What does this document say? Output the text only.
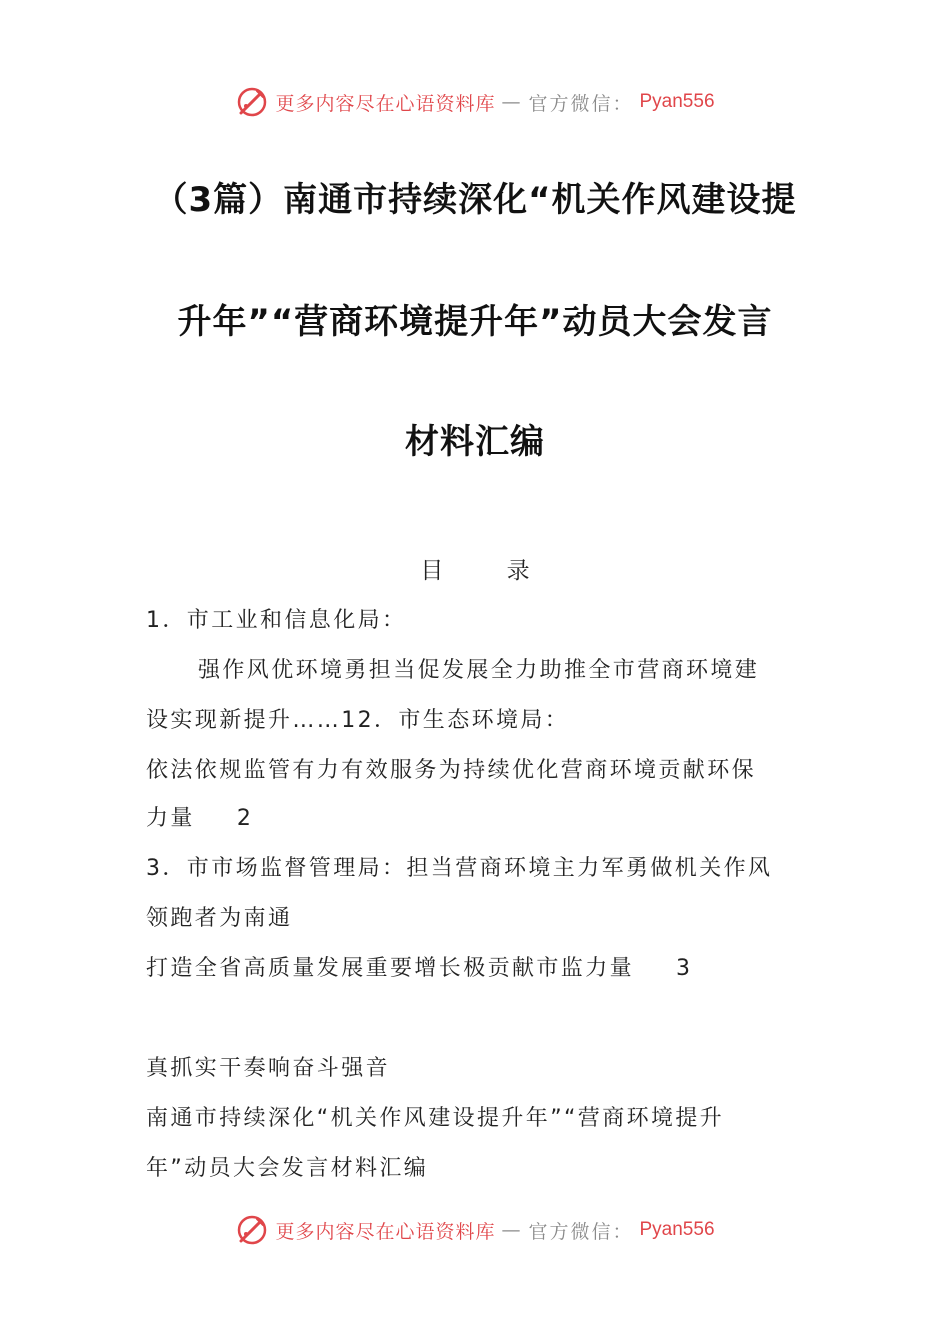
更多内容尽在心语资料库 — 官方微信： Pyan556
（3篇）南通市持续深化“机关作风建设提
升年”“营商环境提升年”动员大会发言
材料汇编
目 录
1．市工业和信息化局：
强作风优环境勇担当促发展全力助推全市营商环境建
设实现新提升……12．市生态环境局：
依法依规监管有力有效服务为持续优化营商环境贡献环保
力量 2
3．市市场监督管理局：担当营商环境主力军勇做机关作风
领跑者为南通
打造全省高质量发展重要增长极贡献市监力量 3
真抓实干奏响奋斗强音
南通市持续深化“机关作风建设提升年”“营商环境提升
年”动员大会发言材料汇编
更多内容尽在心语资料库 — 官方微信： Pyan556
